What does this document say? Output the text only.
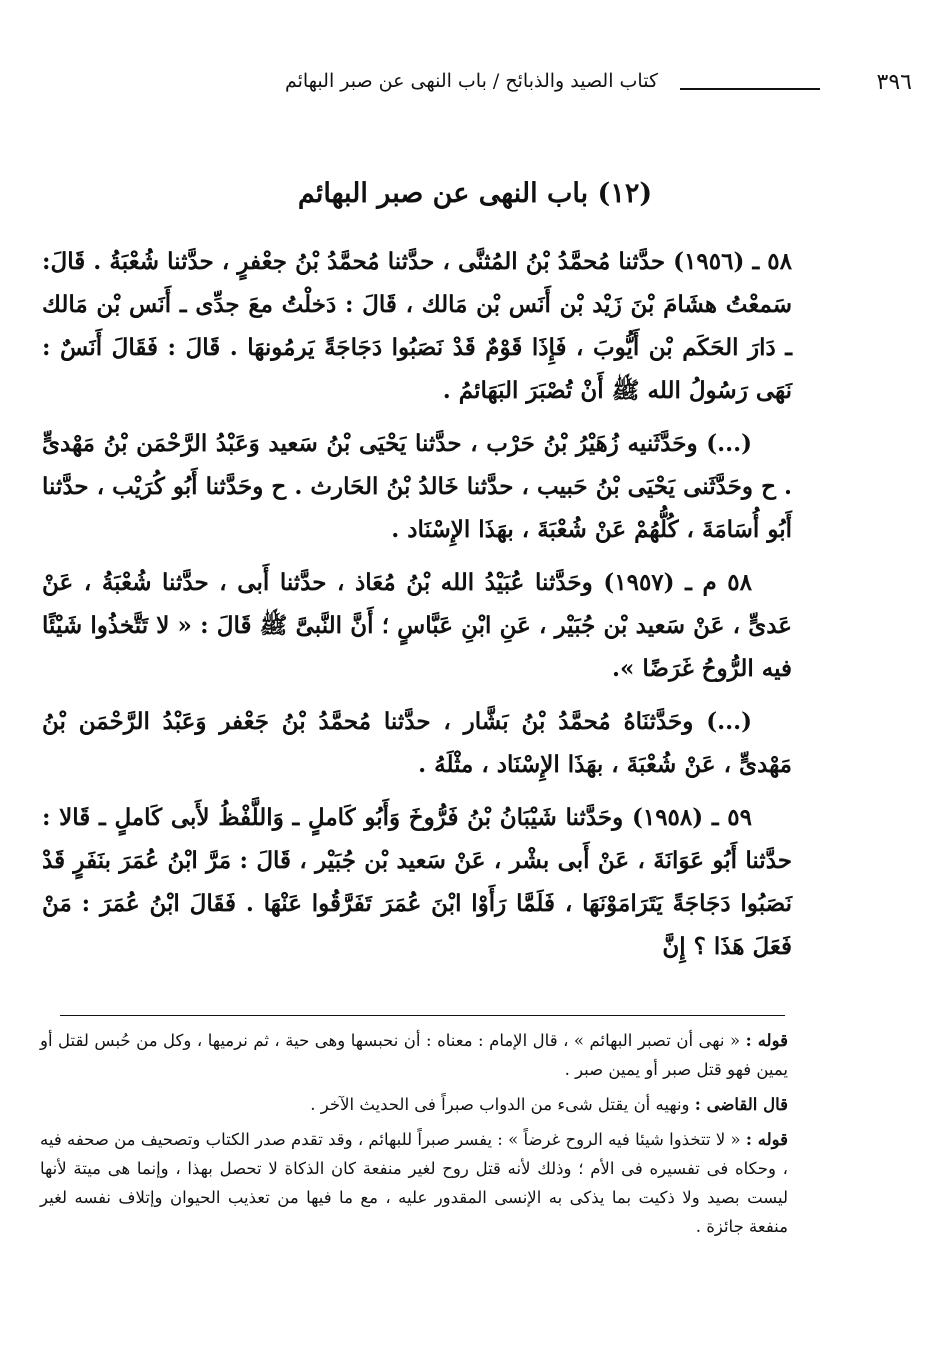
٣٩٦
كتاب الصيد والذبائح / باب النهى عن صبر البهائم
(١٢) باب النهى عن صبر البهائم

٥٨ ـ (١٩٥٦) حدَّثنا مُحمَّدُ بْنُ المُثنَّى ، حدَّثنا مُحمَّدُ بْنُ جعْفرٍ ، حدَّثنا شُعْبَةُ . قَالَ: سَمعْتُ هشَامَ بْنَ زَيْد بْن أَنَس بْن مَالك ، قَالَ : دَخلْتُ معَ جدِّى ـ أَنَس بْن مَالك ـ دَارَ الحَكَم بْن أَيُّوبَ ، فَإِذَا قَوْمٌ قَدْ نَصَبُوا دَجَاجَةً يَرمُونهَا . قَالَ : فَقَالَ أَنَسٌ : نَهَى رَسُولُ الله ﷺ أَنْ تُصْبَرَ البَهَائمُ .

(...) وحَدَّثَنيه زُهَيْرُ بْنُ حَرْب ، حدَّثنا يَحْيَى بْنُ سَعيد وَعَبْدُ الرَّحْمَن بْنُ مَهْدىٍّ . ح وحَدَّثَنى يَحْيَى بْنُ حَبيب ، حدَّثنا خَالدُ بْنُ الحَارث . ح وحَدَّثنا أَبُو كُرَيْب ، حدَّثنا أَبُو أُسَامَةَ ، كُلُّهُمْ عَنْ شُعْبَةَ ، بهَذَا الإِسْنَاد .

٥٨ م ـ (١٩٥٧) وحَدَّثنا عُبَيْدُ الله بْنُ مُعَاذ ، حدَّثنا أَبى ، حدَّثنا شُعْبَةُ ، عَنْ عَدىٍّ ، عَنْ سَعيد بْن جُبَيْر ، عَنِ ابْنِ عَبَّاسٍ ؛ أَنَّ النَّبىَّ ﷺ قَالَ : « لا تَتَّخذُوا شَيْئًا فيه الرُّوحُ غَرَضًا ».

(...) وحَدَّثنَاهُ مُحمَّدُ بْنُ بَشَّار ، حدَّثنا مُحمَّدُ بْنُ جَعْفر وَعَبْدُ الرَّحْمَن بْنُ مَهْدىٍّ ، عَنْ شُعْبَةَ ، بهَذَا الإِسْنَاد ، مثْلَهُ .

٥٩ ـ (١٩٥٨) وحَدَّثنا شَيْبَانُ بْنُ فَرُّوخَ وَأَبُو كَاملٍ ـ وَاللَّفْظُ لأَبى كَاملٍ ـ قَالا : حدَّثنا أَبُو عَوَانَةَ ، عَنْ أَبى بشْر ، عَنْ سَعيد بْن جُبَيْر ، قَالَ : مَرَّ ابْنُ عُمَرَ بنَفَرٍ قَدْ نَصَبُوا دَجَاجَةً يَتَرَامَوْنَهَا ، فَلَمَّا رَأَوْا ابْنَ عُمَرَ تَفَرَّقُوا عَنْهَا . فَقَالَ ابْنُ عُمَرَ : مَنْ فَعَلَ هَذَا ؟ إِنَّ

قوله : « نهى أن تصبر البهائم » ، قال الإمام : معناه : أن نحبسها وهى حية ، ثم نرميها ، وكل من حُبس لقتل أو يمين فهو قتل صبر أو يمين صبر .

قال القاضى : ونهيه أن يقتل شىء من الدواب صبراً فى الحديث الآخر .

قوله : « لا تتخذوا شيئا فيه الروح غرضاً » : يفسر صبراً للبهائم ، وقد تقدم صدر الكتاب وتصحيف من صحفه فيه ، وحكاه فى تفسيره فى الأم ؛ وذلك لأنه قتل روح لغير منفعة كان الذكاة لا تحصل بهذا ، وإنما هى ميتة لأنها ليست بصيد ولا ذكيت بما يذكى به الإنسى المقدور عليه ، مع ما فيها من تعذيب الحيوان وإتلاف نفسه لغير منفعة جائزة .
